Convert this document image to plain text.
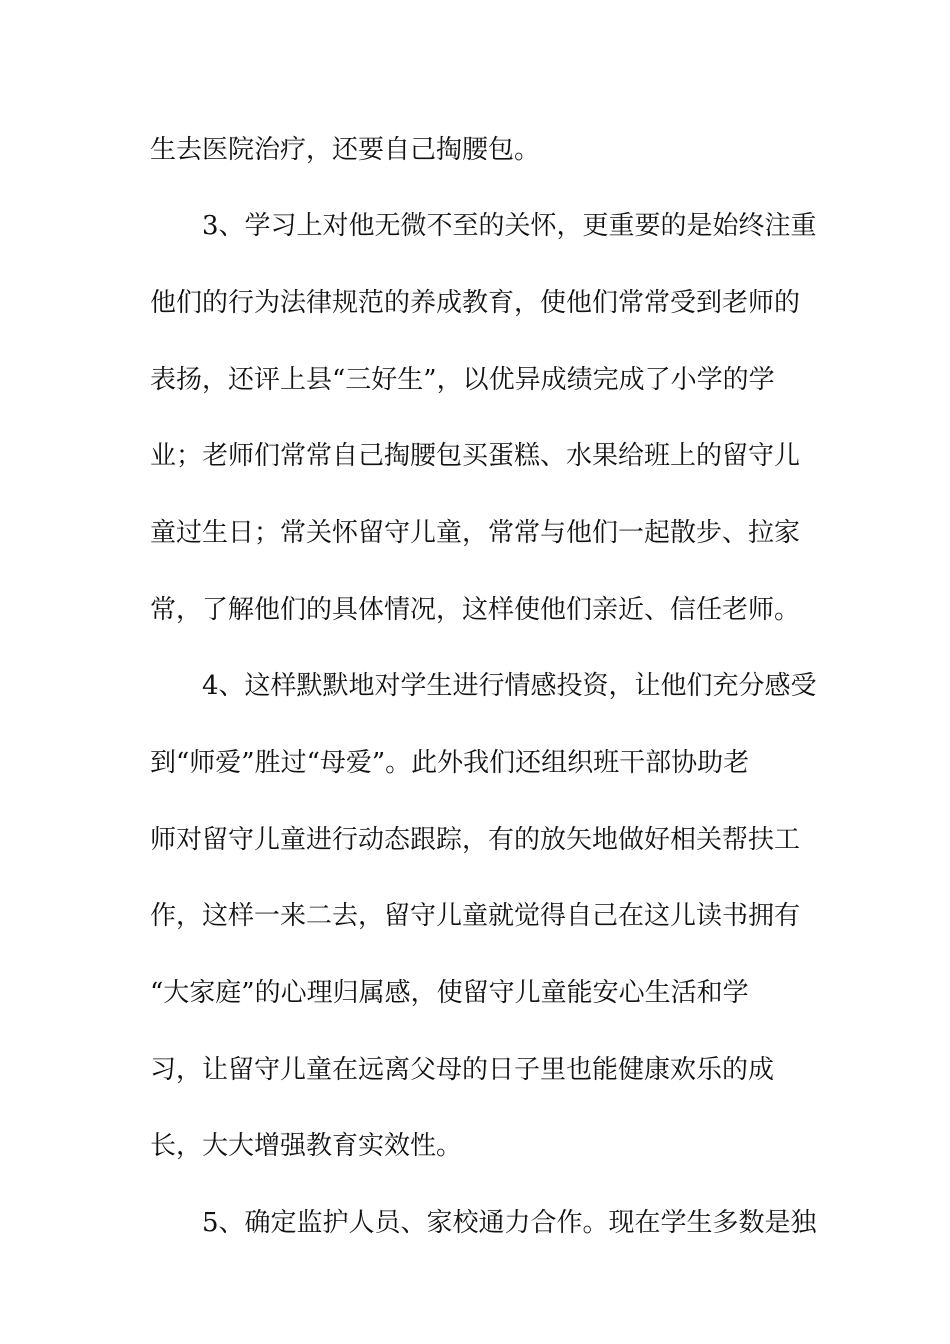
生去医院治疗，还要自己掏腰包。
3、学习上对他无微不至的关怀，更重要的是始终注重
他们的行为法律规范的养成教育，使他们常常受到老师的
表扬，还评上县“三好生”，以优异成绩完成了小学的学
业；老师们常常自己掏腰包买蛋糕、水果给班上的留守儿
童过生日；常关怀留守儿童，常常与他们一起散步、拉家
常，了解他们的具体情况，这样使他们亲近、信任老师。
4、这样默默地对学生进行情感投资，让他们充分感受
到“师爱”胜过“母爱”。此外我们还组织班干部协助老
师对留守儿童进行动态跟踪，有的放矢地做好相关帮扶工
作，这样一来二去，留守儿童就觉得自己在这儿读书拥有
“大家庭”的心理归属感，使留守儿童能安心生活和学
习，让留守儿童在远离父母的日子里也能健康欢乐的成
长，大大增强教育实效性。
5、确定监护人员、家校通力合作。现在学生多数是独
